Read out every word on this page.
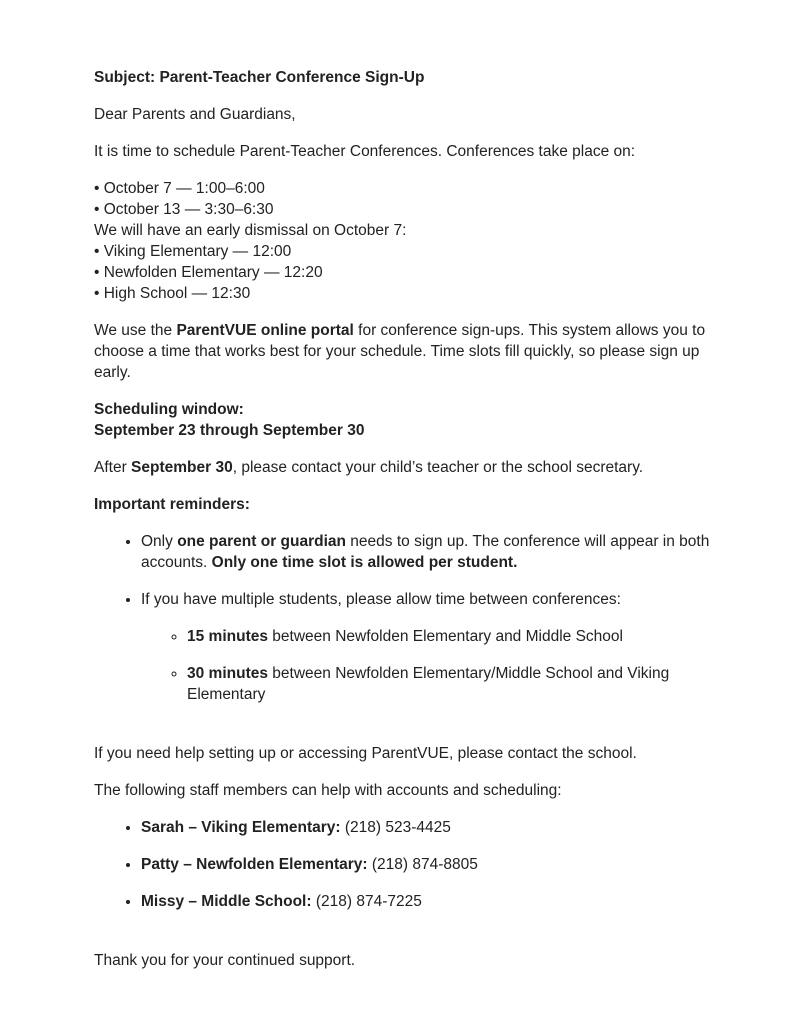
Subject: Parent-Teacher Conference Sign-Up

Dear Parents and Guardians,

It is time to schedule Parent-Teacher Conferences. Conferences take place on:

• October 7 — 1:00–6:00
• October 13 — 3:30–6:30

We will have an early dismissal on October 7:

• Viking Elementary — 12:00
• Newfolden Elementary — 12:20
• High School — 12:30

We use the ParentVUE online portal for conference sign-ups. This system allows you to choose a time that works best for your schedule. Time slots fill quickly, so please sign up early.

Scheduling window:

September 23 through September 30

After September 30, please contact your child’s teacher or the school secretary.

Important reminders:

• Only one parent or guardian needs to sign up. The conference will appear in both accounts. Only one time slot is allowed per student.
• If you have multiple students, please allow time between conferences:
◦ 15 minutes between Newfolden Elementary and Middle School
◦ 30 minutes between Newfolden Elementary/Middle School and Viking Elementary

If you need help setting up or accessing ParentVUE, please contact the school.

The following staff members can help with accounts and scheduling:

• Sarah – Viking Elementary: (218) 523-4425
• Patty – Newfolden Elementary: (218) 874-8805
• Missy – Middle School: (218) 874-7225

Thank you for your continued support.
